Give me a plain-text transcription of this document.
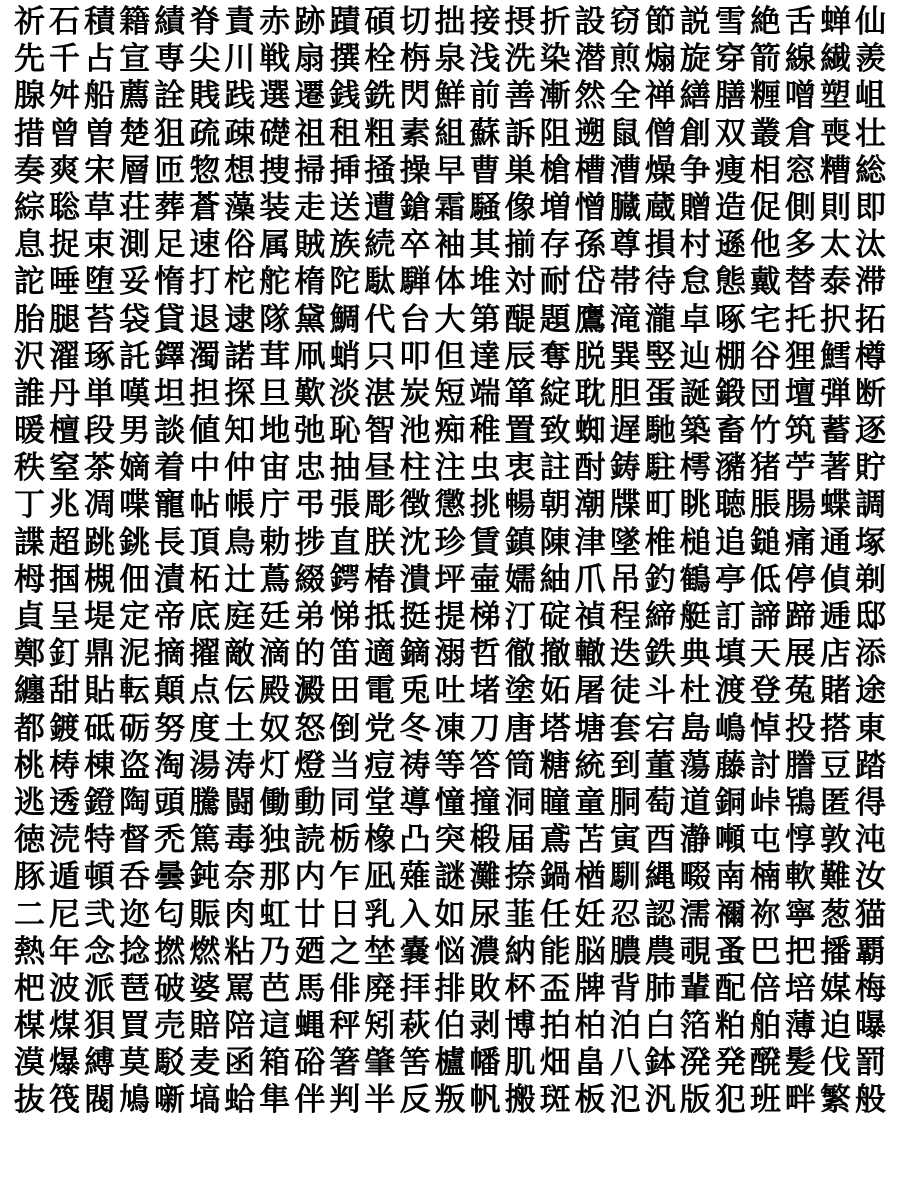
祈石積籍績脊責赤跡蹟碩切拙接摂折設窃節説雪絶舌蝉仙
先千占宣専尖川戦扇撰栓栴泉浅洗染潜煎煽旋穿箭線繊羨
腺舛船薦詮賎践選遷銭銑閃鮮前善漸然全禅繕膳糎噌塑岨
措曾曽楚狙疏疎礎祖租粗素組蘇訴阻遡鼠僧創双叢倉喪壮
奏爽宋層匝惣想捜掃挿掻操早曹巣槍槽漕燥争痩相窓糟総
綜聡草荘葬蒼藻装走送遭鎗霜騒像増憎臓蔵贈造促側則即
息捉束測足速俗属賊族続卒袖其揃存孫尊損村遜他多太汰
詑唾堕妥惰打柁舵楕陀駄騨体堆対耐岱帯待怠態戴替泰滞
胎腿苔袋貸退逮隊黛鯛代台大第醍題鷹滝瀧卓啄宅托択拓
沢濯琢託鐸濁諾茸凧蛸只叩但達辰奪脱巽竪辿棚谷狸鱈樽
誰丹単嘆坦担探旦歎淡湛炭短端箪綻耽胆蛋誕鍛団壇弾断
暖檀段男談値知地弛恥智池痴稚置致蜘遅馳築畜竹筑蓄逐
秩窒茶嫡着中仲宙忠抽昼柱注虫衷註酎鋳駐樗瀦猪苧著貯
丁兆凋喋寵帖帳庁弔張彫徴懲挑暢朝潮牒町眺聴脹腸蝶調
諜超跳銚長頂鳥勅捗直朕沈珍賃鎮陳津墜椎槌追鎚痛通塚
栂掴槻佃漬柘辻蔦綴鍔椿潰坪壷嬬紬爪吊釣鶴亭低停偵剃
貞呈堤定帝底庭廷弟悌抵挺提梯汀碇禎程締艇訂諦蹄逓邸
鄭釘鼎泥摘擢敵滴的笛適鏑溺哲徹撤轍迭鉄典填天展店添
纏甜貼転顛点伝殿澱田電兎吐堵塗妬屠徒斗杜渡登菟賭途
都鍍砥砺努度土奴怒倒党冬凍刀唐塔塘套宕島嶋悼投搭東
桃梼棟盗淘湯涛灯燈当痘祷等答筒糖統到董蕩藤討謄豆踏
逃透鐙陶頭騰闘働動同堂導憧撞洞瞳童胴萄道銅峠鴇匿得
徳涜特督禿篤毒独読栃橡凸突椴届鳶苫寅酉瀞噸屯惇敦沌
豚遁頓呑曇鈍奈那内乍凪薙謎灘捺鍋楢馴縄畷南楠軟難汝
二尼弐迩匂賑肉虹廿日乳入如尿韮任妊忍認濡禰祢寧葱猫
熱年念捻撚燃粘乃廼之埜嚢悩濃納能脳膿農覗蚤巴把播覇
杷波派琶破婆罵芭馬俳廃拝排敗杯盃牌背肺輩配倍培媒梅
楳煤狽買売賠陪這蝿秤矧萩伯剥博拍柏泊白箔粕舶薄迫曝
漠爆縛莫駁麦函箱硲箸肇筈櫨幡肌畑畠八鉢溌発醗髪伐罰
抜筏閥鳩噺塙蛤隼伴判半反叛帆搬斑板氾汎版犯班畔繁般
